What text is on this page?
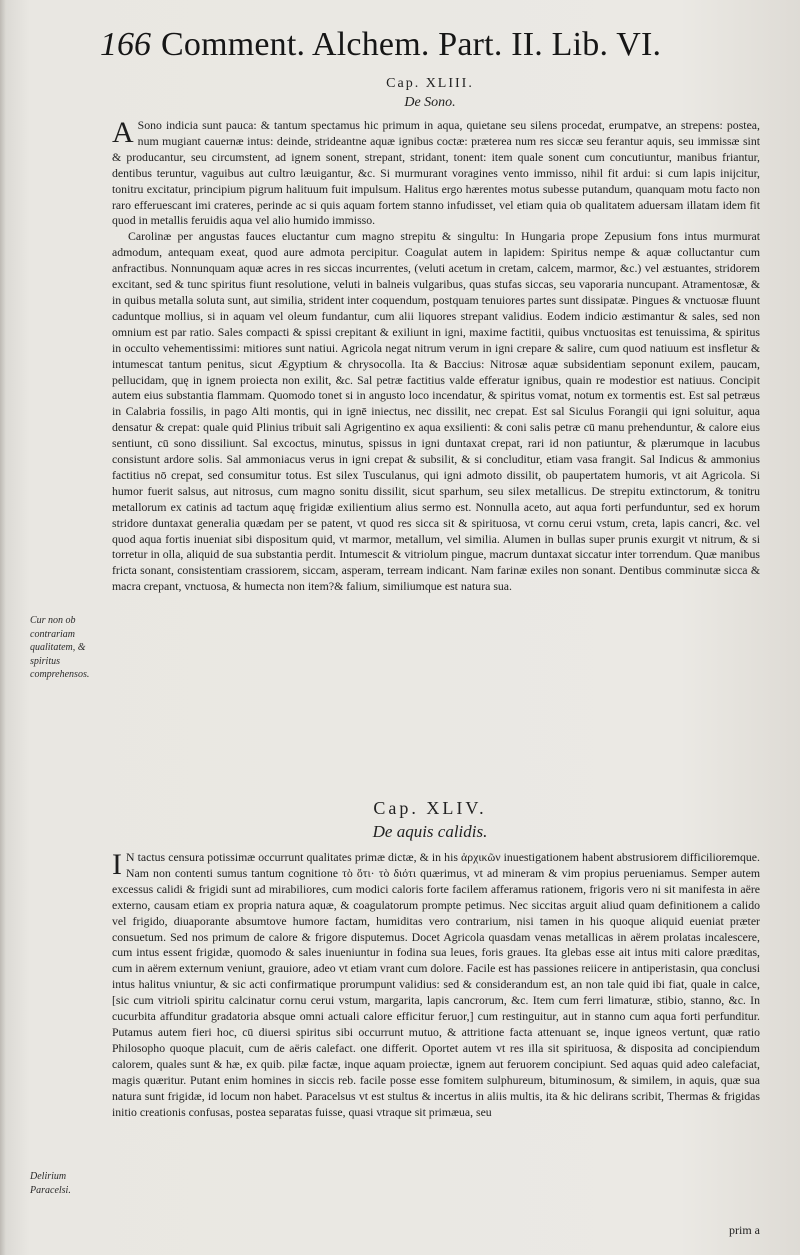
166 Comment. Alchem. Part. II. Lib. VI.
Cap. XLIII.
De Sono.

A Sono indicia sunt pauca: & tantum spectamus hic primum in aqua, quietane seu silens procedat, erumpatve, an strepens: postea, num mugiant cauernæ intus: deinde, strideantne aquæ ignibus coctæ: præterea num res siccæ seu ferantur aquis, seu immissæ sint & producantur, seu circumstent, ad ignem sonent, strepant, stridant, tonent: item quale sonent cum concutiuntur, manibus friantur, dentibus teruntur, vaguibus aut cultro læuigantur, &c. Si murmurant voragines vento immisso, nihil fit ardui: si cum lapis inijcitur, tonitru excitatur, principium pigrum halituum fuit impulsum. Halitus ergo hærentes motus subesse putandum, quanquam motu facto non raro efferuescant imi crateres, perinde ac si quis aquam fortem stanno infudisset, vel etiam quia ob qualitatem aduersam illatam idem fit quod in metallis feruidis aqua vel alio humido immisso.

Carolinæ per angustas fauces eluctantur cum magno strepitu & singultu: In Hungaria prope Zepusium fons intus murmurat admodum, antequam exeat, quod aure admota percipitur. Coagulat autem in lapidem: Spiritus nempe & aquæ colluctantur cum anfractibus. Nonnunquam aquæ acres in res siccas incurrentes, (veluti acetum in cretam, calcem, marmor, &c.) vel æstuantes, stridorem excitant, sed & tunc spiritus fiunt resolutione, veluti in balneis vulgaribus, quas stufas siccas, seu vaporaria nuncupant. Atramentosæ, & in quibus metalla soluta sunt, aut similia, strident inter coquendum, postquam tenuiores partes sunt dissipatæ. Pingues & vnctuosæ fluunt caduntque mollius, si in aquam vel oleum fundantur, cum alii liquores strepant validius. Eodem indicio æstimantur & sales, sed non omnium est par ratio. Sales compacti & spissi crepitant & exiliunt in igni, maxime factitii, quibus vnctuositas est tenuissima, & spiritus in occulto vehementissimi: mitiores sunt natiui. Agricola negat nitrum verum in igni crepare & salire, cum quod natiuum est insfletur & intumescat tantum penitus, sicut Ægyptium & chrysocolla. Ita & Baccius: Nitrosæ aquæ subsidentiam seponunt exilem, paucam, pellucidam, quę in ignem proiecta non exilit, &c. Sal petræ factitius valde efferatur ignibus, quain re modestior est natiuus. Concipit autem eius substantia flammam. Quomodo tonet si in angusto loco incendatur, & spiritus vomat, notum ex tormentis est. Est sal petræus in Calabria fossilis, in pago Alti montis, qui in ignē iniectus, nec dissilit, nec crepat. Est sal Siculus Forangii qui igni soluitur, aqua densatur & crepat: quale quid Plinius tribuit sali Agrigentino ex aqua exsilienti: & coni salis petræ cū manu prehenduntur, & calore eius sentiunt, cū sono dissiliunt. Sal excoctus, minutus, spissus in igni duntaxat crepat, rari id non patiuntur, & plærumque in lacubus consistunt ardore solis. Sal ammoniacus verus in igni crepat & subsilit, & si concluditur, etiam vasa frangit. Sal Indicus & ammonius factitius nō crepat, sed consumitur totus. Est silex Tusculanus, qui igni admoto dissilit, ob paupertatem humoris, vt ait Agricola. Si humor fuerit salsus, aut nitrosus, cum magno sonitu dissilit, sicut sparhum, seu silex metallicus. De strepitu extinctorum, & tonitru metallorum ex catinis ad tactum aquę frigidæ exilientium alius sermo est. Nonnulla aceto, aut aqua forti perfunduntur, sed ex horum stridore duntaxat generalia quædam per se patent, vt quod res sicca sit & spirituosa, vt cornu cerui vstum, creta, lapis cancri, &c. vel quod aqua fortis inueniat sibi dispositum quid, vt marmor, metallum, vel similia. Alumen in bullas super prunis exurgit vt nitrum, & si torretur in olla, aliquid de sua substantia perdit. Intumescit & vitriolum pingue, macrum duntaxat siccatur inter torrendum. Quæ manibus fricta sonant, consistentiam crassiorem, siccam, asperam, terream indicant. Nam farinæ exiles non sonant. Dentibus comminutæ sicca & macra crepant, vnctuosa, & humecta non item?& falium, similiumque est natura sua.

Cur non ob contrariam qualitatem, & spiritus comprehensos.
Cap. XLIV.
De aquis calidis.

I N tactus censura potissimæ occurrunt qualitates primæ dictæ, & in his ἀρχικῶν inuestigationem habent abstrusiorem difficilioremque. Nam non contenti sumus tantum cognitione τὸ ὅτι· τὸ διότι quærimus, vt ad mineram & vim propius perueniamus. Semper autem excessus calidi & frigidi sunt ad mirabiliores, cum modici caloris forte facilem afferamus rationem, frigoris vero ni sit manifesta in aëre externo, causam etiam ex propria natura aquæ, & coagulatorum prompte petimus. Nec siccitas arguit aliud quam definitionem a calido vel frigido, diuaporante absumtove humore factam, humiditas vero contrarium, nisi tamen in his quoque aliquid eueniat præter consuetum. Sed nos primum de calore & frigore disputemus. Docet Agricola quasdam venas metallicas in aërem prolatas incalescere, cum intus essent frigidæ, quomodo & sales inueniuntur in fodina sua leues, foris graues. Ita glebas esse ait intus miti calore præditas, cum in aërem externum veniunt, grauiore, adeo vt etiam vrant cum dolore. Facile est has passiones reiicere in antiperistasin, qua conclusi intus halitus vniuntur, & sic acti confirmatique prorumpunt validius: sed & considerandum est, an non tale quid ibi fiat, quale in calce, [sic cum vitrioli spiritu calcinatur cornu cerui vstum, margarita, lapis cancrorum, &c. Item cum ferri limaturæ, stibio, stanno, &c. In cucurbita affunditur gradatoria absque omni actuali calore efficitur feruor,] cum restinguitur, aut in stanno cum aqua forti perfunditur. Putamus autem fieri hoc, cū diuersi spiritus sibi occurrunt mutuo, & attritione facta attenuant se, inque igneos vertunt, quæ ratio Philosopho quoque placuit, cum de aëris calefact. one differit. Oportet autem vt res illa sit spirituosa, & disposita ad concipiendum calorem, quales sunt & hæ, ex quib. pilæ factæ, inque aquam proiectæ, ignem aut feruorem concipiunt. Sed aquas quid adeo calefaciat, magis quæritur. Putant enim homines in siccis reb. facile posse esse fomitem sulphureum, bituminosum, & similem, in aquis, quæ sua natura sunt frigidæ, id locum non habet. Paracelsus vt est stultus & incertus in aliis multis, ita & hic delirans scribit, Thermas & frigidas initio creationis confusas, postea separatas fuisse, quasi vtraque sit primæua, seu

Delirium Paracelsi.
prim a
